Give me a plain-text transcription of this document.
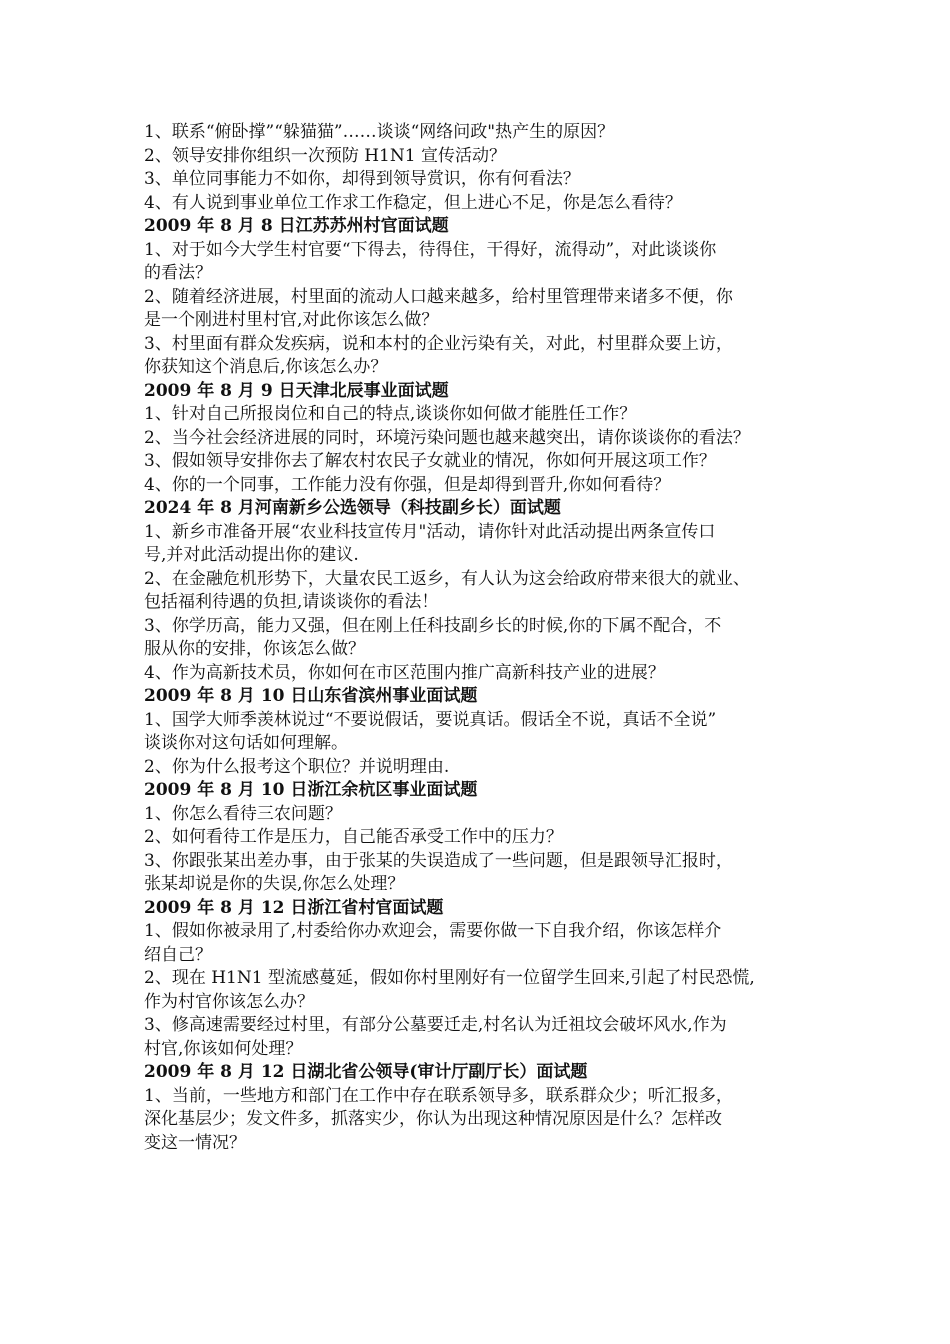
1、联系“俯卧撑”“躲猫猫”……谈谈“网络问政"热产生的原因？
2、领导安排你组织一次预防 H1N1 宣传活动？
3、单位同事能力不如你，却得到领导赏识，你有何看法？
4、有人说到事业单位工作求工作稳定，但上进心不足，你是怎么看待？
2009 年 8 月 8 日江苏苏州村官面试题
1、对于如今大学生村官要“下得去，待得住，干得好，流得动”，对此谈谈你
的看法？
2、随着经济进展，村里面的流动人口越来越多，给村里管理带来诸多不便，你
是一个刚进村里村官,对此你该怎么做？
3、村里面有群众发疾病，说和本村的企业污染有关，对此，村里群众要上访，
你获知这个消息后,你该怎么办？
2009 年 8 月 9 日天津北辰事业面试题
1、针对自己所报岗位和自己的特点,谈谈你如何做才能胜任工作？
2、当今社会经济进展的同时，环境污染问题也越来越突出，请你谈谈你的看法？
3、假如领导安排你去了解农村农民子女就业的情况，你如何开展这项工作？
4、你的一个同事，工作能力没有你强，但是却得到晋升,你如何看待？
2024 年 8 月河南新乡公选领导（科技副乡长）面试题
1、新乡市准备开展“农业科技宣传月"活动，请你针对此活动提出两条宣传口
号,并对此活动提出你的建议.
2、在金融危机形势下，大量农民工返乡，有人认为这会给政府带来很大的就业、
包括福利待遇的负担,请谈谈你的看法！
3、你学历高，能力又强，但在刚上任科技副乡长的时候,你的下属不配合，不
服从你的安排，你该怎么做？
4、作为高新技术员，你如何在市区范围内推广高新科技产业的进展？
2009 年 8 月 10 日山东省滨州事业面试题
1、国学大师季羡林说过“不要说假话，要说真话。假话全不说，真话不全说”
谈谈你对这句话如何理解。
2、你为什么报考这个职位？并说明理由.
2009 年 8 月 10 日浙江余杭区事业面试题
1、你怎么看待三农问题？
2、如何看待工作是压力，自己能否承受工作中的压力？
3、你跟张某出差办事，由于张某的失误造成了一些问题，但是跟领导汇报时，
张某却说是你的失误,你怎么处理？
2009 年 8 月 12 日浙江省村官面试题
1、假如你被录用了,村委给你办欢迎会，需要你做一下自我介绍，你该怎样介
绍自己？
2、现在 H1N1 型流感蔓延，假如你村里刚好有一位留学生回来,引起了村民恐慌,
作为村官你该怎么办？
3、修高速需要经过村里，有部分公墓要迁走,村名认为迁祖坟会破坏风水,作为
村官,你该如何处理？
2009 年 8 月 12 日湖北省公领导(审计厅副厅长）面试题
1、当前，一些地方和部门在工作中存在联系领导多，联系群众少；听汇报多，
深化基层少；发文件多，抓落实少，你认为出现这种情况原因是什么？怎样改
变这一情况？
